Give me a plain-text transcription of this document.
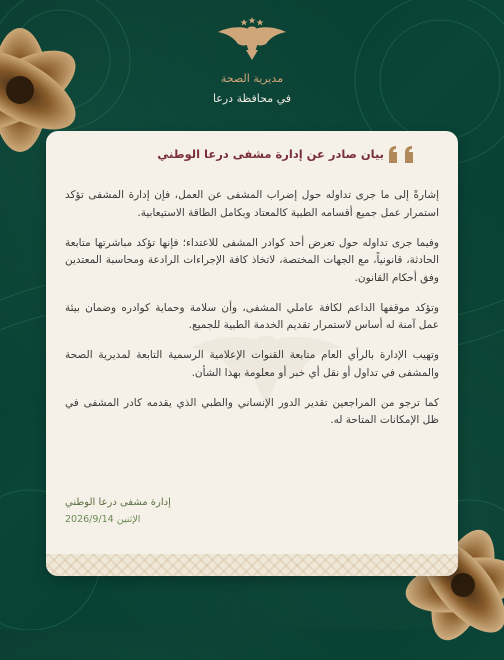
مديرية الصحة
في محافظة درعا
بيان صادر عن إدارة مشفى درعا الوطني

إشارةً إلى ما جرى تداوله حول إضراب المشفى عن العمل، فإن إدارة المشفى تؤكد استمرار عمل جميع أقسامه الطبية كالمعتاد وبكامل الطاقة الاستيعابية.

وفيما جرى تداوله حول تعرض أحد كوادر المشفى للاعتداء؛ فإنها تؤكد مباشرتها متابعة الحادثة، قانونياً، مع الجهات المختصة، لاتخاذ كافة الإجراءات الرادعة ومحاسبة المعتدين وفق أحكام القانون.

وتؤكد موقفها الداعم لكافة عاملي المشفى، وأن سلامة وحماية كوادره وضمان بيئة عمل آمنة له أساس لاستمرار تقديم الخدمة الطبية للجميع.

وتهيب الإدارة بالرأي العام متابعة القنوات الإعلامية الرسمية التابعة لمديرية الصحة والمشفى في تداول أو نقل أي خبر أو معلومة بهذا الشأن.

كما ترجو من المراجعين تقدير الدور الإنساني والطبي الذي يقدمه كادر المشفى في ظل الإمكانات المتاحة له.

إدارة مشفى درعا الوطني
الإثنين 2026/9/14
